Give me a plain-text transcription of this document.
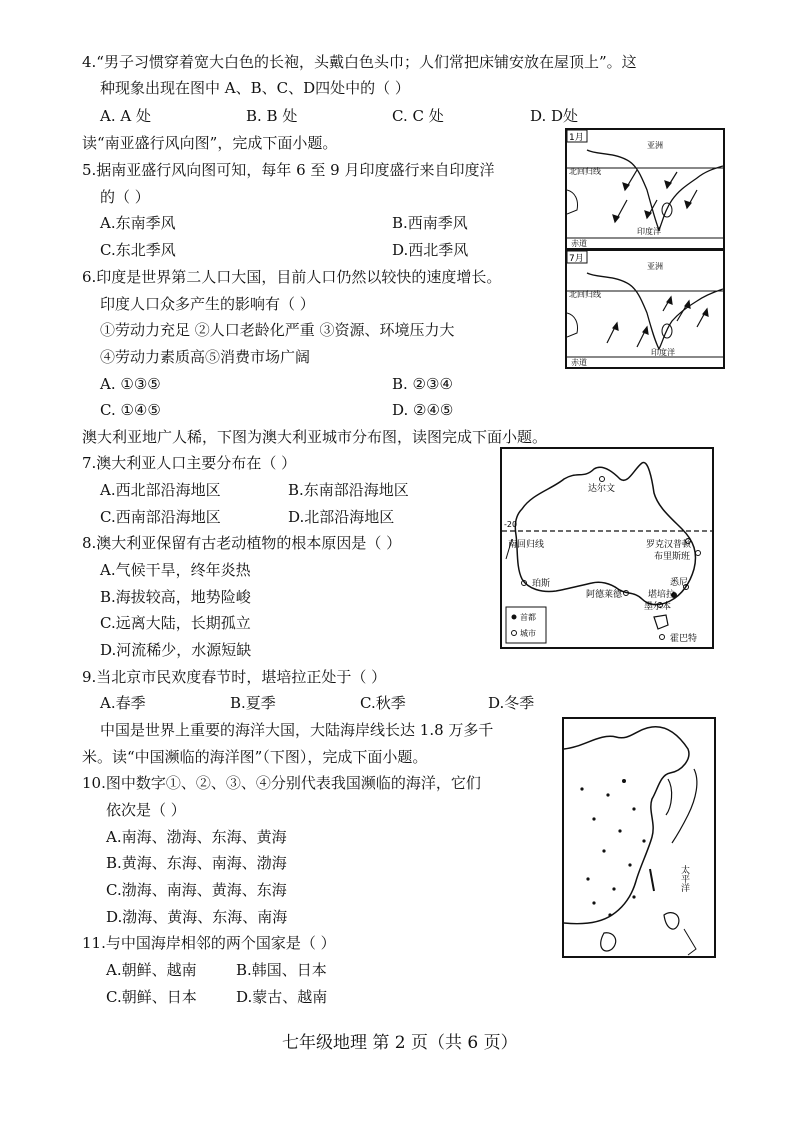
4.“男子习惯穿着宽大白色的长袍，头戴白色头巾；人们常把床铺安放在屋顶上”。这
种现象出现在图中 A、B、C、D四处中的（ ）
A. A 处	B. B 处	C. C 处	D. D处
读“南亚盛行风向图”，完成下面小题。
5.据南亚盛行风向图可知，每年 6 至 9 月印度盛行来自印度洋
的（ ）
A.东南季风	B.西南季风
C.东北季风	D.西北季风
6.印度是世界第二人口大国，目前人口仍然以较快的速度增长。
印度人口众多产生的影响有（ ）
①劳动力充足 ②人口老龄化严重 ③资源、环境压力大
④劳动力素质高⑤消费市场广阔
A. ①③⑤	B. ②③④
C. ①④⑤	D. ②④⑤
澳大利亚地广人稀，下图为澳大利亚城市分布图，读图完成下面小题。
7.澳大利亚人口主要分布在（ ）
A.西北部沿海地区	B.东南部沿海地区
C.西南部沿海地区	D.北部沿海地区
8.澳大利亚保留有古老动植物的根本原因是（ ）
A.气候干旱，终年炎热
B.海拔较高，地势险峻
C.远离大陆，长期孤立
D.河流稀少，水源短缺
9.当北京市民欢度春节时，堪培拉正处于（ ）
A.春季	B.夏季	C.秋季	D.冬季
中国是世界上重要的海洋大国，大陆海岸线长达 1.8 万多千
米。读“中国濒临的海洋图”（下图），完成下面小题。
10.图中数字①、②、③、④分别代表我国濒临的海洋，它们
依次是（ ）
A.南海、渤海、东海、黄海
B.黄海、东海、南海、渤海
C.渤海、南海、黄海、东海
D.渤海、黄海、东海、南海
11.与中国海岸相邻的两个国家是（ ）
A.朝鲜、越南	B.韩国、日本
C.朝鲜、日本	D.蒙古、越南
七年级地理 第 2 页（共 6 页）
1月
亚洲
北回归线
印度洋
赤道
7月
亚洲
北回归线
印度洋
赤道
-20
南回归线
达尔文
罗克汉普顿
布里斯班
珀斯
阿德莱德
悉尼
堪培拉
墨尔本
霍巴特
首都
城市
太平洋
